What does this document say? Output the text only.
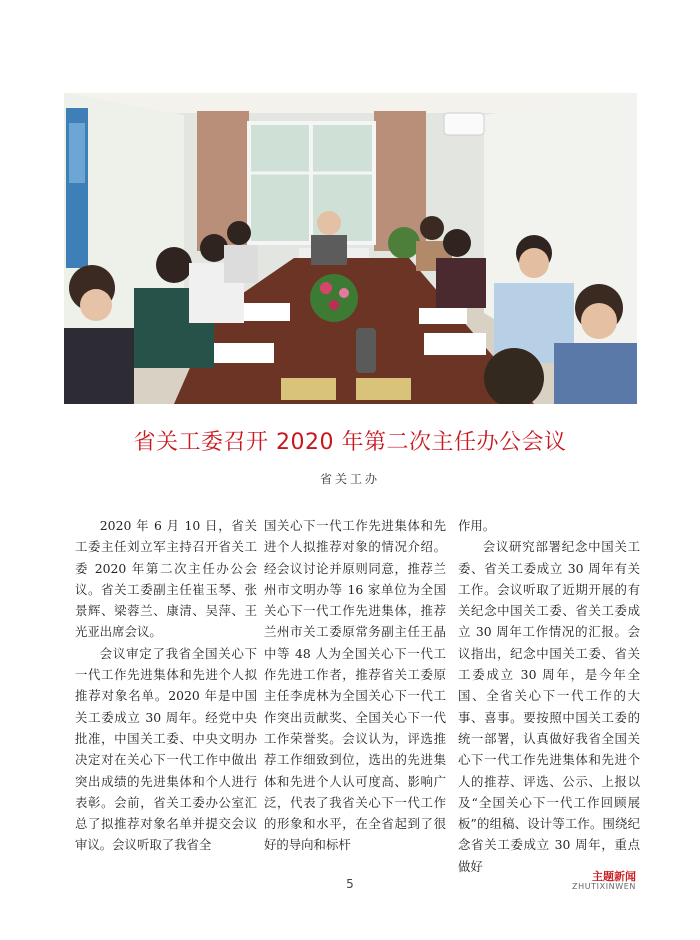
省关工委召开 2020 年第二次主任办公会议
省关工办

2020 年 6 月 10 日，省关工委主任刘立军主持召开省关工委 2020 年第二次主任办公会议。省关工委副主任崔玉琴、张景辉、梁蓉兰、康清、吴萍、王光亚出席会议。

会议审定了我省全国关心下一代工作先进集体和先进个人拟推荐对象名单。2020 年是中国关工委成立 30 周年。经党中央批准，中国关工委、中央文明办决定对在关心下一代工作中做出突出成绩的先进集体和个人进行表彰。会前，省关工委办公室汇总了拟推荐对象名单并提交会议审议。会议听取了我省全

国关心下一代工作先进集体和先进个人拟推荐对象的情况介绍。经会议讨论并原则同意，推荐兰州市文明办等 16 家单位为全国关心下一代工作先进集体，推荐兰州市关工委原常务副主任王晶中等 48 人为全国关心下一代工作先进工作者，推荐省关工委原主任李虎林为全国关心下一代工作突出贡献奖、全国关心下一代工作荣誉奖。会议认为，评选推荐工作细致到位，选出的先进集体和先进个人认可度高、影响广泛，代表了我省关心下一代工作的形象和水平，在全省起到了很好的导向和标杆

作用。

会议研究部署纪念中国关工委、省关工委成立 30 周年有关工作。会议听取了近期开展的有关纪念中国关工委、省关工委成立 30 周年工作情况的汇报。会议指出，纪念中国关工委、省关工委成立 30 周年，是今年全国、全省关心下一代工作的大事、喜事。要按照中国关工委的统一部署，认真做好我省全国关心下一代工作先进集体和先进个人的推荐、评选、公示、上报以及“全国关心下一代工作回顾展板”的组稿、设计等工作。围绕纪念省关工委成立 30 周年，重点做好

5
主题新闻
ZHUTIXINWEN
